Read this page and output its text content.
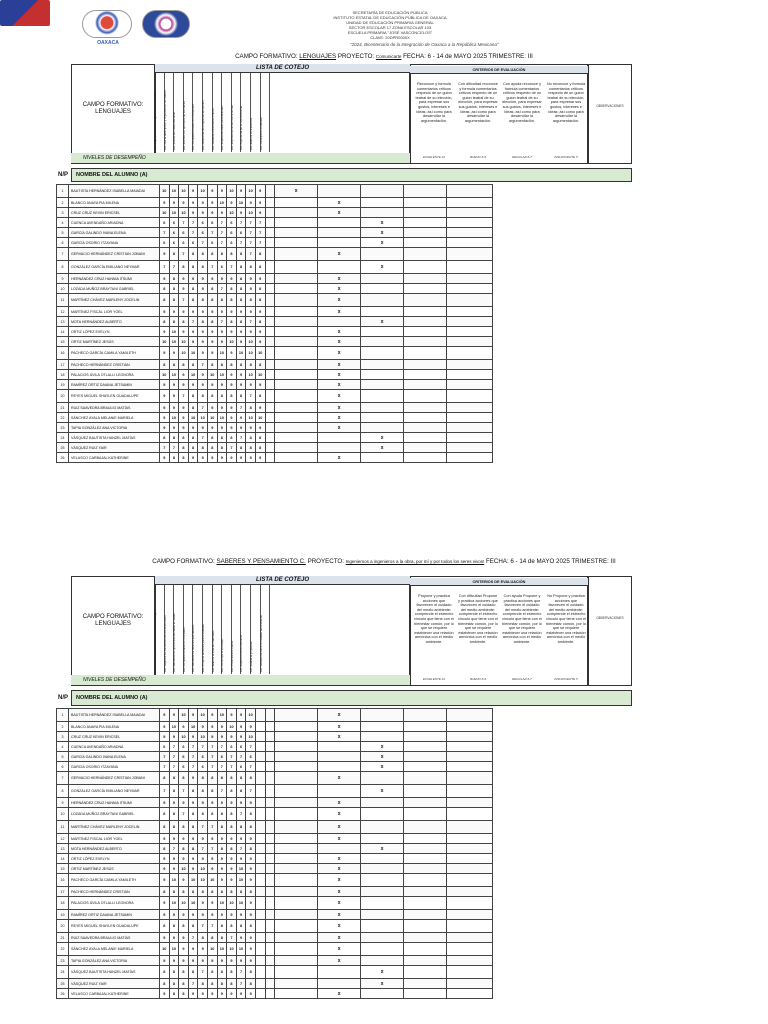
OAXACA
SECRETARÍA DE EDUCACIÓN PÚBLICA
INSTITUTO ESTATAL DE EDUCACIÓN PÚBLICA DE OAXACA
UNIDAD DE EDUCACIÓN PRIMARIA GENERAL
SECTOR ESCOLAR 17 ZONA ESCOLAR 103
ESCUELA PRIMARIA "JOSÉ VASCONCELOS"
CLAVE: 20DPR0000X
"2024, Bicentenario de la Integración de Oaxaca a la República Mexicana"
CAMPO FORMATIVO: LENGUAJES PROYECTO: Comunicarte FECHA: 6 - 14 de MAYO 2025 TRIMESTRE: III
CAMPO FORMATIVO: LENGUAJES
LISTA DE COTEJO
Act. Elige y lee una monografía, señala en ella Act. Lee la descripción y organiza la información Act. Enlista las frases del texto Act. Escribe con ejemplos de su interés Act. Completa el texto con su opinión Act. Responde las preguntas de opinión Act. Redacta comentarios críticos Act. Explica las ideas para defender Act. Expresa opiniones sobre temas Act. Argumenta de forma coherente Act. Elabora conclusiones Act. Participa en el debate
CRITERIOS DE EVALUACIÓN
Reconoce y formula comentarios críticos respecto de un guion teatral de su elección, para expresar sus gustos, intereses e ideas; así como para desarrollar la argumentación.
EXCELENTE 10
Con dificultad reconoce y formula comentarios críticos respecto de un guion teatral de su elección, para expresar sus gustos, intereses e ideas; así como para desarrollar la argumentación.
BUENO 8-9
Con ayuda reconoce y formula comentarios críticos respecto de un guion teatral de su elección, para expresar sus gustos, intereses e ideas; así como para desarrollar la argumentación.
REGULAR 6-7
No reconoce y formula comentarios críticos respecto de un guion teatral de su elección, para expresar sus gustos, intereses e ideas; así como para desarrollar la argumentación.
INSUFICIENTE 5
OBSERVACIONES
NIVELES DE DESEMPEÑO
N/P	NOMBRE DEL ALUMNO (A)
1	BAUTISTA HERNÁNDEZ ISABELLA MAIADAI	10	10	10	9	10	9	9	10	9	10	9		x				
2	BLANCO ANAYA PIA MILENA	9	9	9	9	9	9	10	9	10	9	9			x			
3	CRUZ CRUZ KEVIN ERICSEL	10	10	10	9	9	9	9	10	9	10	9			x			
4	CUENCA AVENDAÑO ARIADNA	6	6	7	7	6	6	7	6	7	7	7				x		
5	GARCÍA GALINDO IVANA ELENA	7	6	6	7	6	7	7	6	6	7	7				x		
6	GARCÍA OSORIO ITZAYANA	6	6	6	6	7	6	7	6	7	7	7				x		
7	GERVACIO HERNÁNDEZ CRISTIAN JOBANI	9	8	7	8	8	8	8	8	8	7	8			x			
8	GONZÁLEZ GARCÍA EMILIANO NEYMAR	7	7	8	8	8	7	6	7	8	8	8				x		
9	HERNÁNDEZ CRUZ HANNIA ITSUMI	9	8	9	9	9	9	9	9	8	9	9			x			
10	LOZADA MUÑOZ BRAYTANI GABRIEL	8	8	9	8	9	8	7	8	8	9	8			x			
11	MARTÍNEZ CHÁVEZ MARLENY JOCELIN	8	8	7	8	8	8	8	8	8	8	8			x			
12	MARTÍNEZ FISCAL LIOR YOEL	9	9	9	9	9	9	9	9	9	9	9			x			
13	MOTA HERNÁNDEZ ALBERTO	8	8	8	7	8	8	7	8	8	7	8				x		
14	ORTIZ LÓPEZ EVELYN	9	10	9	9	9	9	9	9	9	9	9			x			
15	ORTIZ MARTÍNEZ JESÚS	10	10	10	9	9	9	9	10	9	10	9			x			
16	PACHECO GARCÍA CAMILA YAMILETH	9	9	10	10	9	9	10	9	10	10	10			x			
17	PACHECO HERNÁNDEZ CRISTIAN	8	8	8	8	7	8	8	8	8	8	8			x			
18	PALACIOS ÁVILA OTLALLI LEONORA	10	10	9	10	9	10	10	9	9	10	10			x			
19	RAMÍREZ ORTIZ DAIANA JETSAMIN	9	9	9	9	9	9	9	9	9	9	9			x			
20	REYES MIGUEL SHAYLEN GUADALUPE	9	9	7	8	8	8	8	8	8	7	8			x			
21	RUIZ SAAVEDRA BRAULIO MATÍAS	9	9	9	8	7	9	9	9	7	8	9			x			
22	SÁNCHEZ AYALA MELANIE MARIELA	9	10	9	10	10	10	10	9	9	10	10			x			
23	TAPIA GONZÁLEZ ANA VICTORIA	9	9	9	9	9	9	9	9	9	9	9			x			
24	VÁSQUEZ BAUTISTA HANZEL MATÍAS	8	8	8	8	7	8	8	8	7	8	8				x		
25	VÁSQUEZ RUIZ YAIR	7	7	8	8	8	8	8	7	8	8	8				x		
26	VELASCO CARBAJAL KATHERINE	9	8	8	9	9	9	9	9	9	9	9			x			
CAMPO FORMATIVO: SABERES Y PENSAMIENTO C. PROYECTO: Ingeniemos a ingenieros a la obra, por mí y por todos los seres vivos! FECHA: 6 - 14 de MAYO 2025 TRIMESTRE: III
CAMPO FORMATIVO: LENGUAJES
LISTA DE COTEJO
Act. Enumera y describe los seres vivos del lugar Act. Registra los beneficios de los seres vivos Act. Identifica la importancia de cuidar el medio Act. Completa la tabla con los datos Act. Identifica los factores que afectan Act. Propone acciones para el cuidado Act. Elabora la lista de materiales Act. Construye el prototipo Act. Presenta el proyecto Act. Explica el funcionamiento Act. Evalúa la propuesta Act. Reflexiona sobre el cuidado del ambiente
CRITERIOS DE EVALUACIÓN
Propone y practica acciones que favorecen el cuidado del medio ambiente: comprende el estrecho vínculo que tiene con el bienestar común, por lo que se requiere establecer una relación armónica con el medio ambiente.
EXCELENTE 10
Con dificultad Propone y practica acciones que favorecen el cuidado del medio ambiente: comprende el estrecho vínculo que tiene con el bienestar común, por lo que se requiere establecer una relación armónica con el medio ambiente.
BUENO 8-9
Con ayuda Propone y practica acciones que favorecen el cuidado del medio ambiente: comprende el estrecho vínculo que tiene con el bienestar común, por lo que se requiere establecer una relación armónica con el medio ambiente.
REGULAR 6-7
No Propone y practica acciones que favorecen el cuidado del medio ambiente: comprende el estrecho vínculo que tiene con el bienestar común, por lo que se requiere establecer una relación armónica con el medio ambiente.
INSUFICIENTE 5
OBSERVACIONES
NIVELES DE DESEMPEÑO
N/P	NOMBRE DEL ALUMNO (A)
1	BAUTISTA HERNÁNDEZ ISABELLA MAIADAI	9	9	10	9	10	9	10	9	9	10				x			
2	BLANCO ANAYA PIA MILENA	9	10	9	10	9	9	9	10	9	9				x			
3	CRUZ CRUZ KEVIN ERICSEL	9	9	10	9	10	9	9	9	9	10				x			
4	CUENCA AVENDAÑO ARIADNA	6	7	6	7	7	7	7	6	6	7					x		
5	GARCÍA GALINDO IVANA ELENA	7	7	6	7	6	7	6	7	7	6					x		
6	GARCÍA OSORIO ITZAYANA	7	7	6	7	6	7	7	7	6	7					x		
7	GERVACIO HERNÁNDEZ CRISTIAN JOBANI	8	8	8	9	8	8	8	8	8	8				x			
8	GONZÁLEZ GARCÍA EMILIANO NEYMAR	7	8	7	8	8	8	7	8	8	7					x		
9	HERNÁNDEZ CRUZ HANNIA ITSUMI	9	9	9	9	9	9	9	9	9	9				x			
10	LOZADA MUÑOZ BRAYTANI GABRIEL	8	8	7	8	8	8	8	8	7	8				x			
11	MARTÍNEZ CHÁVEZ MARLENY JOCELIN	8	8	8	8	7	7	8	8	8	8				x			
12	MARTÍNEZ FISCAL LIOR YOEL	9	9	9	9	9	9	9	9	9	9				x			
13	MOTA HERNÁNDEZ ALBERTO	8	7	8	8	7	7	8	8	7	8					x		
14	ORTIZ LÓPEZ EVELYN	9	9	9	9	9	9	9	9	9	9				x			
15	ORTIZ MARTÍNEZ JESÚS	9	9	10	9	10	9	9	9	10	9				x			
16	PACHECO GARCÍA CAMILA YAMILETH	9	10	9	10	10	10	9	9	10	9				x			
17	PACHECO HERNÁNDEZ CRISTIAN	8	8	8	8	8	8	8	8	8	8				x			
18	PALACIOS ÁVILA OTLALLI LEONORA	9	10	10	10	9	9	10	10	10	9				x			
19	RAMÍREZ ORTIZ DAIANA JETSAMIN	9	9	9	9	9	9	9	9	9	9				x			
20	REYES MIGUEL SHAYLEN GUADALUPE	8	8	8	8	7	7	8	8	8	8				x			
21	RUIZ SAAVEDRA BRAULIO MATÍAS	9	9	9	7	8	8	8	7	9	9				x			
22	SÁNCHEZ AYALA MELANIE MARIELA	10	10	9	9	9	10	10	10	10	9				x			
23	TAPIA GONZÁLEZ ANA VICTORIA	9	9	9	9	9	9	9	9	9	9				x			
24	VÁSQUEZ BAUTISTA HANZEL MATÍAS	8	8	8	8	7	8	8	8	7	8					x		
25	VÁSQUEZ RUIZ YAIR	8	8	8	7	8	8	8	8	7	8					x		
26	VELASCO CARBAJAL KATHERINE	9	8	8	9	9	9	9	9	9	9				x			
